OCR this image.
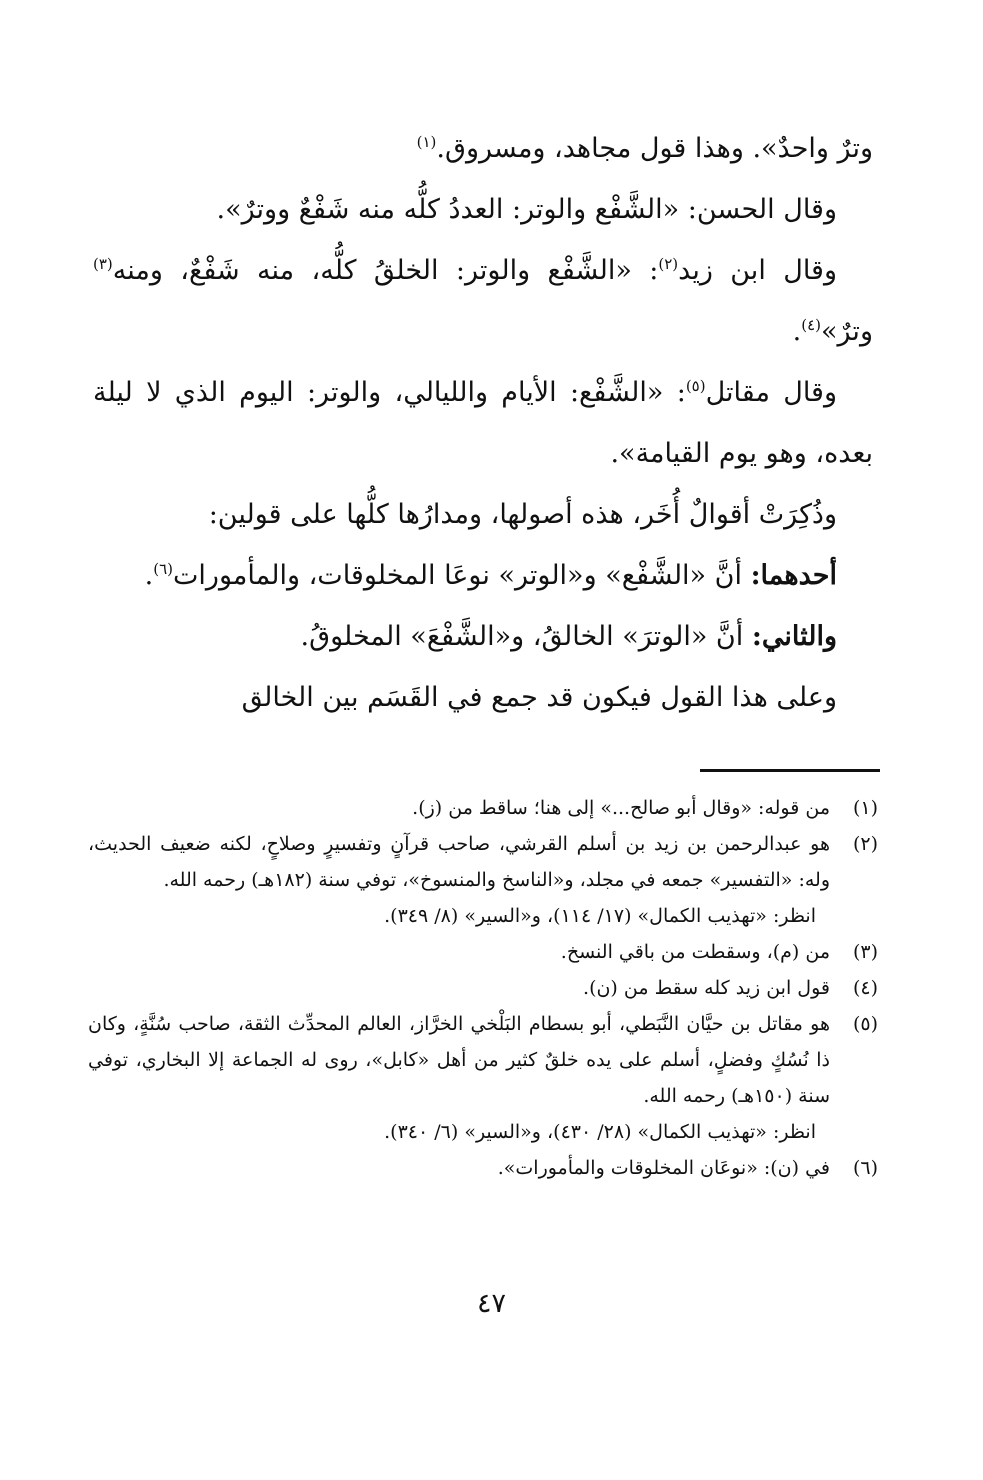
وترٌ واحدٌ». وهذا قول مجاهد، ومسروق.$^{(١)}$

وقال الحسن: «الشَّفْع والوتر: العددُ كلُّه منه شَفْعٌ ووترٌ».

وقال ابن زيد$^{(٢)}$: «الشَّفْع والوتر: الخلقُ كلُّه، منه شَفْعٌ، ومنه$^{(٣)}$ وترٌ»$^{(٤)}$.

وقال مقاتل$^{(٥)}$: «الشَّفْع: الأيام والليالي، والوتر: اليوم الذي لا ليلة بعده، وهو يوم القيامة».

وذُكِرَتْ أقوالٌ أُخَر، هذه أصولها، ومدارُها كلُّها على قولين:

أحدهما: أنَّ «الشَّفْع» و«الوتر» نوعَا المخلوقات، والمأمورات$^{(٦)}$.

والثاني: أنَّ «الوترَ» الخالقُ، و«الشَّفْعَ» المخلوقُ.

وعلى هذا القول فيكون قد جمع في القَسَم بين الخالق

(١)

من قوله: «وقال أبو صالح...» إلى هنا؛ ساقط من (ز).

(٢)

هو عبدالرحمن بن زيد بن أسلم القرشي، صاحب قرآنٍ وتفسيرٍ وصلاحٍ، لكنه ضعيف الحديث، وله: «التفسير» جمعه في مجلد، و«الناسخ والمنسوخ»، توفي سنة (١٨٢هـ) رحمه الله.

انظر: «تهذيب الكمال» (١٧/ ١١٤)، و«السير» (٨/ ٣٤٩).

(٣)

من (م)، وسقطت من باقي النسخ.

(٤)

قول ابن زيد كله سقط من (ن).

(٥)

هو مقاتل بن حيَّان النَّبَطي، أبو بسطام البَلْخي الخرَّاز، العالم المحدِّث الثقة، صاحب سُنَّةٍ، وكان ذا نُسُكٍ وفضلٍ، أسلم على يده خلقٌ كثير من أهل «كابل»، روى له الجماعة إلا البخاري، توفي سنة (١٥٠هـ) رحمه الله.

انظر: «تهذيب الكمال» (٢٨/ ٤٣٠)، و«السير» (٦/ ٣٤٠).

(٦)

في (ن): «نوعَان المخلوقات والمأمورات».

٤٧
